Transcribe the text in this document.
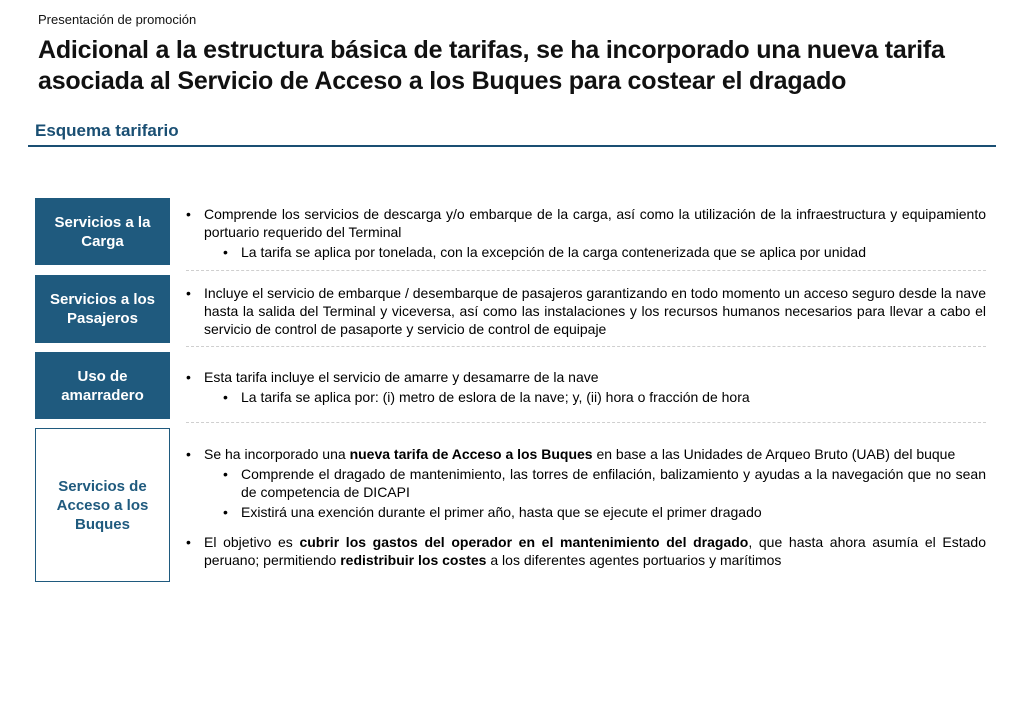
Presentación de promoción
Adicional a la estructura básica de tarifas, se ha incorporado una nueva tarifa asociada al Servicio de Acceso a los Buques para costear el dragado
Esquema tarifario
Servicios a la Carga
• Comprende los servicios de descarga y/o embarque de la carga, así como la utilización de la infraestructura y equipamiento portuario requerido del Terminal
• La tarifa se aplica por tonelada, con la excepción de la carga contenerizada que se aplica por unidad
Servicios a los Pasajeros
• Incluye el servicio de embarque / desembarque de pasajeros garantizando en todo momento un acceso seguro desde la nave hasta la salida del Terminal y viceversa, así como las instalaciones y los recursos humanos necesarios para llevar a cabo el servicio de control de pasaporte y servicio de control de equipaje
Uso de amarradero
• Esta tarifa incluye el servicio de amarre y desamarre de la nave
• La tarifa se aplica por: (i) metro de eslora de la nave; y, (ii) hora o fracción de hora
Servicios de Acceso a los Buques
• Se ha incorporado una nueva tarifa de Acceso a los Buques en base a las Unidades de Arqueo Bruto (UAB) del buque
• Comprende el dragado de mantenimiento, las torres de enfilación, balizamiento y ayudas a la navegación que no sean de competencia de DICAPI
• Existirá una exención durante el primer año, hasta que se ejecute el primer dragado
• El objetivo es cubrir los gastos del operador en el mantenimiento del dragado, que hasta ahora asumía el Estado peruano; permitiendo redistribuir los costes a los diferentes agentes portuarios y marítimos
